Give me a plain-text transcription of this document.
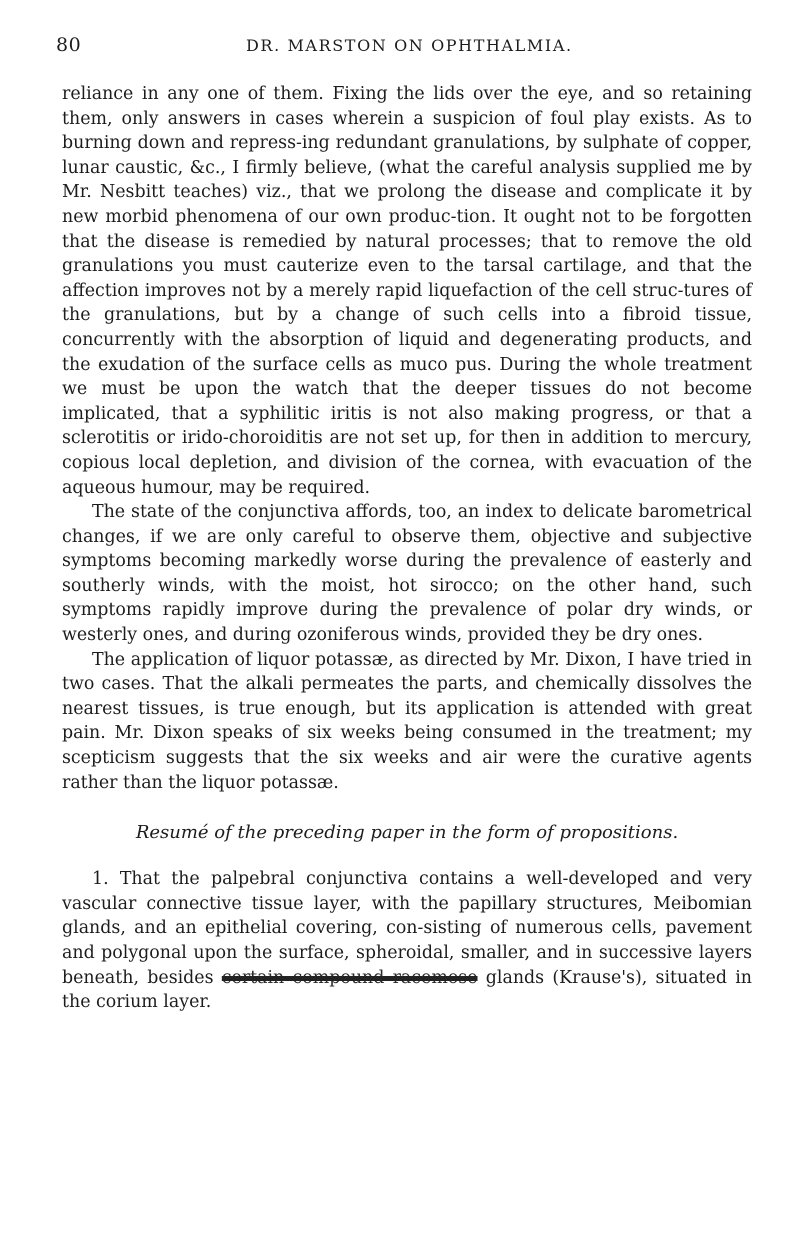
80	DR. MARSTON ON OPHTHALMIA.

reliance in any one of them. Fixing the lids over the eye, and so retaining them, only answers in cases wherein a suspicion of foul play exists. As to burning down and repress-ing redundant granulations, by sulphate of copper, lunar caustic, &c., I firmly believe, (what the careful analysis supplied me by Mr. Nesbitt teaches) viz., that we prolong the disease and complicate it by new morbid phenomena of our own produc-tion. It ought not to be forgotten that the disease is remedied by natural processes; that to remove the old granulations you must cauterize even to the tarsal cartilage, and that the affection improves not by a merely rapid liquefaction of the cell struc-tures of the granulations, but by a change of such cells into a fibroid tissue, concurrently with the absorption of liquid and degenerating products, and the exudation of the surface cells as muco pus. During the whole treatment we must be upon the watch that the deeper tissues do not become implicated, that a syphilitic iritis is not also making progress, or that a sclerotitis or irido-choroiditis are not set up, for then in addition to mercury, copious local depletion, and division of the cornea, with evacuation of the aqueous humour, may be required.

The state of the conjunctiva affords, too, an index to delicate barometrical changes, if we are only careful to observe them, objective and subjective symptoms becoming markedly worse during the prevalence of easterly and southerly winds, with the moist, hot sirocco; on the other hand, such symptoms rapidly improve during the prevalence of polar dry winds, or westerly ones, and during ozoniferous winds, provided they be dry ones.

The application of liquor potassæ, as directed by Mr. Dixon, I have tried in two cases. That the alkali permeates the parts, and chemically dissolves the nearest tissues, is true enough, but its application is attended with great pain. Mr. Dixon speaks of six weeks being consumed in the treatment; my scepticism suggests that the six weeks and air were the curative agents rather than the liquor potassæ.

Resumé of the preceding paper in the form of propositions.

1. That the palpebral conjunctiva contains a well-developed and very vascular connective tissue layer, with the papillary structures, Meibomian glands, and an epithelial covering, con-sisting of numerous cells, pavement and polygonal upon the surface, spheroidal, smaller, and in successive layers beneath, besides certain compound racemose glands (Krause's), situated in the corium layer.
